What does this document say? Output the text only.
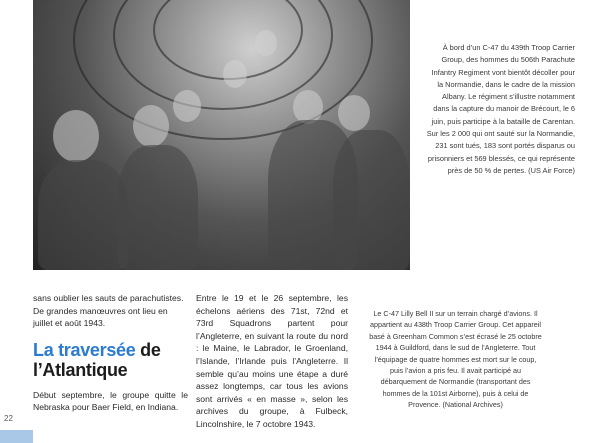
À bord d’un C-47 du 439th Troop Carrier Group, des hommes du 506th Parachute Infantry Regiment vont bientôt décoller pour la Normandie, dans le cadre de la mission Albany. Le régiment s’illustre notamment dans la capture du manoir de Brécourt, le 6 juin, puis participe à la bataille de Carentan. Sur les 2 000 qui ont sauté sur la Normandie, 231 sont tués, 183 sont portés disparus ou prisonniers et 569 blessés, ce qui représente près de 50 % de pertes. (US Air Force)

sans oublier les sauts de parachutistes. De grandes manœuvres ont lieu en juillet et août 1943.

La traversée de
l’Atlantique

Début septembre, le groupe quitte le Nebraska pour Baer Field, en Indiana.

Entre le 19 et le 26 septembre, les échelons aériens des 71st, 72nd et 73rd Squadrons partent pour l’Angleterre, en suivant la route du nord : le Maine, le Labrador, le Groenland, l’Islande, l’Irlande puis l’Angleterre. Il semble qu’au moins une étape a duré assez longtemps, car tous les avions sont arrivés « en masse », selon les archives du groupe, à Fulbeck, Lincolnshire, le 7 octobre 1943.

Le C-47 Lilly Bell II sur un terrain chargé d’avions. Il appartient au 438th Troop Carrier Group. Cet appareil basé à Greenham Common s’est écrasé le 25 octobre 1944 à Guildford, dans le sud de l’Angleterre. Tout l’équipage de quatre hommes est mort sur le coup, puis l’avion a pris feu. Il avait participé au débarquement de Normandie (transportant des hommes de la 101st Airborne), puis à celui de Provence. (National Archives)

22
